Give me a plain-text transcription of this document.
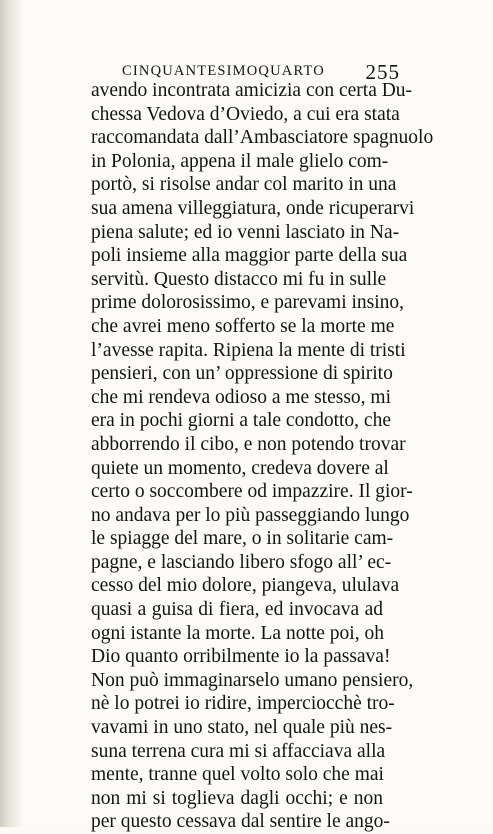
CINQUANTESIMOQUARTO 255
avendo incontrata amicizia con certa Du-
chessa Vedova d’Oviedo, a cui era stata
raccomandata dall’Ambasciatore spagnuolo
in Polonia, appena il male glielo com-
portò, si risolse andar col marito in una
sua amena villeggiatura, onde ricuperarvi
piena salute; ed io venni lasciato in Na-
poli insieme alla maggior parte della sua
servitù. Questo distacco mi fu in sulle
prime dolorosissimo, e parevami insino,
che avrei meno sofferto se la morte me
l’avesse rapita. Ripiena la mente di tristi
pensieri, con un’ oppressione di spirito
che mi rendeva odioso a me stesso, mi
era in pochi giorni a tale condotto, che
abborrendo il cibo, e non potendo trovar
quiete un momento, credeva dovere al
certo o soccombere od impazzire. Il gior-
no andava per lo più passeggiando lungo
le spiagge del mare, o in solitarie cam-
pagne, e lasciando libero sfogo all’ ec-
cesso del mio dolore, piangeva, ululava
quasi a guisa di fiera, ed invocava ad
ogni istante la morte. La notte poi, oh
Dio quanto orribilmente io la passava!
Non può immaginarselo umano pensiero,
nè lo potrei io ridire, imperciocchè tro-
vavami in uno stato, nel quale più nes-
suna terrena cura mi si affacciava alla
mente, tranne quel volto solo che mai
non mi si toglieva dagli occhi; e non
per questo cessava dal sentire le ango-
